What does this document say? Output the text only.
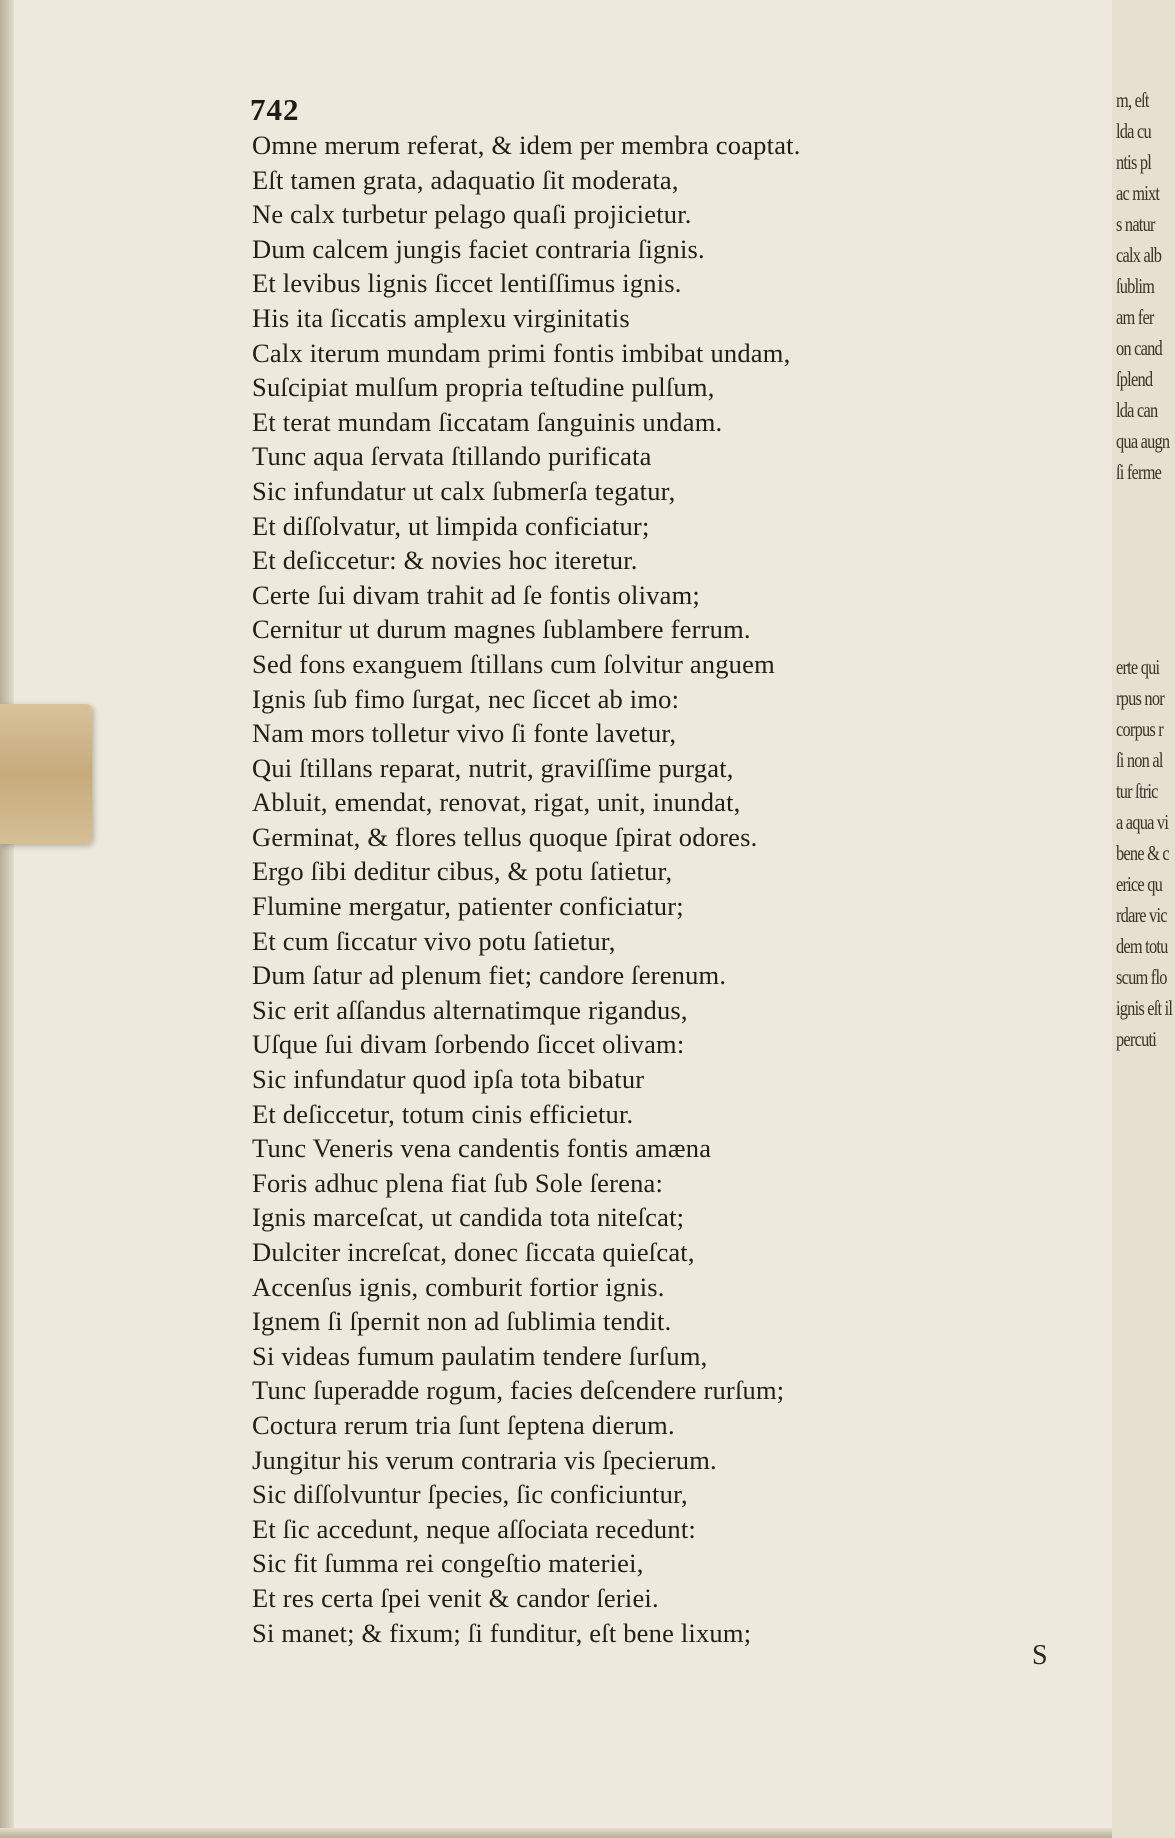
742
Omne merum referat, & idem per membra coaptat.
Eſt tamen grata, adaquatio ſit moderata,
Ne calx turbetur pelago quaſi projicietur.
Dum calcem jungis faciet contraria ſignis.
Et levibus lignis ſiccet lentiſſimus ignis.
His ita ſiccatis amplexu virginitatis
Calx iterum mundam primi fontis imbibat undam,
Suſcipiat mulſum propria teſtudine pulſum,
Et terat mundam ſiccatam ſanguinis undam.
Tunc aqua ſervata ſtillando purificata
Sic infundatur ut calx ſubmerſa tegatur,
Et diſſolvatur, ut limpida conficiatur;
Et deſiccetur: & novies hoc iteretur.
Certe ſui divam trahit ad ſe fontis olivam;
Cernitur ut durum magnes ſublambere ferrum.
Sed fons exanguem ſtillans cum ſolvitur anguem
Ignis ſub fimo ſurgat, nec ſiccet ab imo:
Nam mors tolletur vivo ſi fonte lavetur,
Qui ſtillans reparat, nutrit, graviſſime purgat,
Abluit, emendat, renovat, rigat, unit, inundat,
Germinat, & flores tellus quoque ſpirat odores.
Ergo ſibi deditur cibus, & potu ſatietur,
Flumine mergatur, patienter conficiatur;
Et cum ſiccatur vivo potu ſatietur,
Dum ſatur ad plenum fiet; candore ſerenum.
Sic erit aſſandus alternatimque rigandus,
Uſque ſui divam ſorbendo ſiccet olivam:
Sic infundatur quod ipſa tota bibatur
Et deſiccetur, totum cinis efficietur.
Tunc Veneris vena candentis fontis amæna
Foris adhuc plena fiat ſub Sole ſerena:
Ignis marceſcat, ut candida tota niteſcat;
Dulciter increſcat, donec ſiccata quieſcat,
Accenſus ignis, comburit fortior ignis.
Ignem ſi ſpernit non ad ſublimia tendit.
Si videas fumum paulatim tendere ſurſum,
Tunc ſuperadde rogum, facies deſcendere rurſum;
Coctura rerum tria ſunt ſeptena dierum.
Jungitur his verum contraria vis ſpecierum.
Sic diſſolvuntur ſpecies, ſic conficiuntur,
Et ſic accedunt, neque aſſociata recedunt:
Sic fit ſumma rei congeſtio materiei,
Et res certa ſpei venit & candor ſeriei.
Si manet; & fixum; ſi funditur, eſt bene lixum;
S
m, eſt
lda cu
ntis pl
ac mixt
s natur
calx alb
ſublim
am fer
on cand
ſplend
lda can
qua augn
ſi ferme
erte qui
rpus nor
corpus r
ſi non al
tur ſtric
a aqua vi
bene & c
erice qu
rdare vic
dem totu
scum flo
ignis eſt il
percuti
